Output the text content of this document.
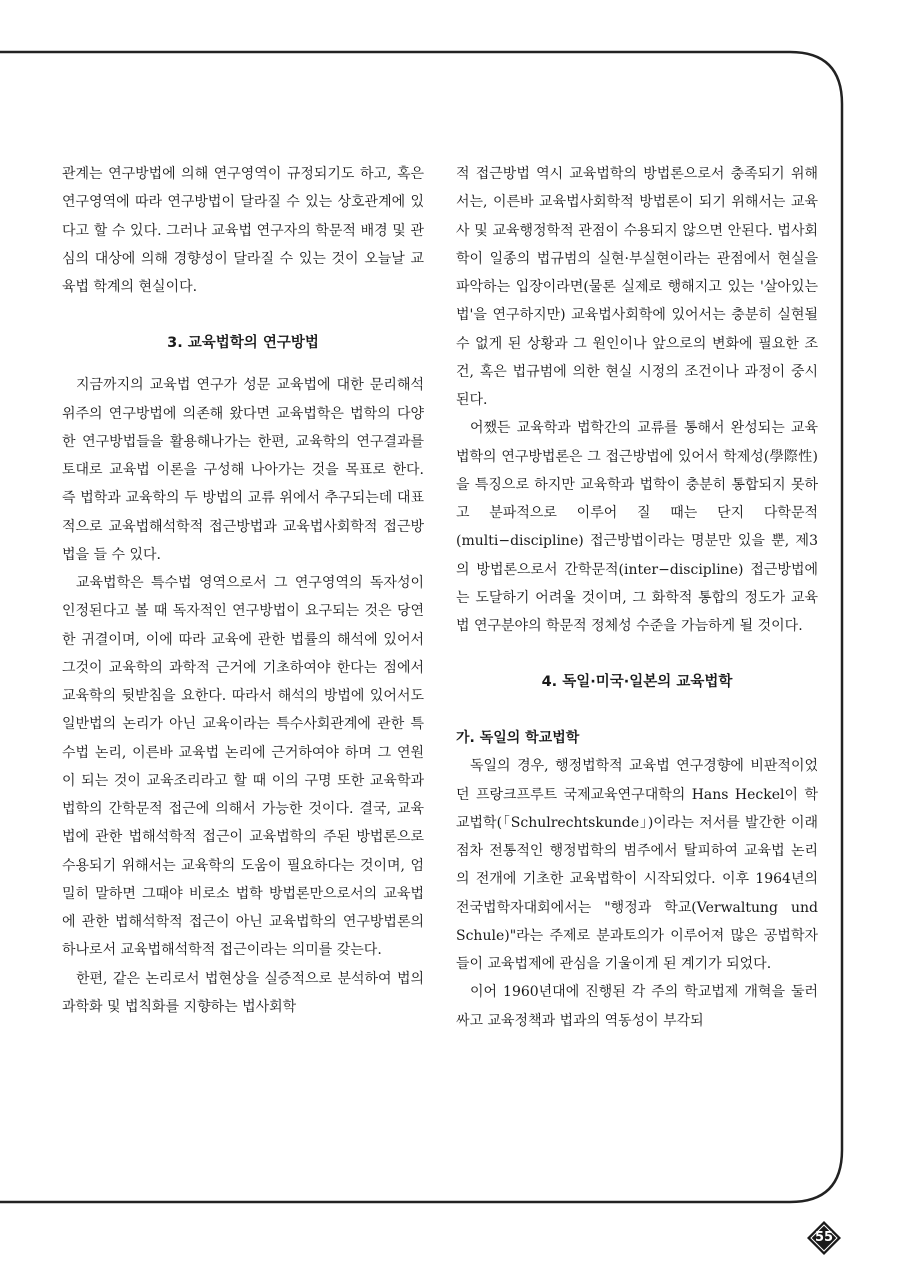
관계는 연구방법에 의해 연구영역이 규정되기도 하고, 혹은 연구영역에 따라 연구방법이 달라질 수 있는 상호관계에 있다고 할 수 있다. 그러나 교육법 연구자의 학문적 배경 및 관심의 대상에 의해 경향성이 달라질 수 있는 것이 오늘날 교육법 학계의 현실이다.

3. 교육법학의 연구방법

지금까지의 교육법 연구가 성문 교육법에 대한 문리해석 위주의 연구방법에 의존해 왔다면 교육법학은 법학의 다양한 연구방법들을 활용해나가는 한편, 교육학의 연구결과를 토대로 교육법 이론을 구성해 나아가는 것을 목표로 한다. 즉 법학과 교육학의 두 방법의 교류 위에서 추구되는데 대표적으로 교육법해석학적 접근방법과 교육법사회학적 접근방법을 들 수 있다.

교육법학은 특수법 영역으로서 그 연구영역의 독자성이 인정된다고 볼 때 독자적인 연구방법이 요구되는 것은 당연한 귀결이며, 이에 따라 교육에 관한 법률의 해석에 있어서 그것이 교육학의 과학적 근거에 기초하여야 한다는 점에서 교육학의 뒷받침을 요한다. 따라서 해석의 방법에 있어서도 일반법의 논리가 아닌 교육이라는 특수사회관계에 관한 특수법 논리, 이른바 교육법 논리에 근거하여야 하며 그 연원이 되는 것이 교육조리라고 할 때 이의 구명 또한 교육학과 법학의 간학문적 접근에 의해서 가능한 것이다. 결국, 교육법에 관한 법해석학적 접근이 교육법학의 주된 방법론으로 수용되기 위해서는 교육학의 도움이 필요하다는 것이며, 엄밀히 말하면 그때야 비로소 법학 방법론만으로서의 교육법에 관한 법해석학적 접근이 아닌 교육법학의 연구방법론의 하나로서 교육법해석학적 접근이라는 의미를 갖는다.

한편, 같은 논리로서 법현상을 실증적으로 분석하여 법의 과학화 및 법칙화를 지향하는 법사회학

적 접근방법 역시 교육법학의 방법론으로서 충족되기 위해서는, 이른바 교육법사회학적 방법론이 되기 위해서는 교육사 및 교육행정학적 관점이 수용되지 않으면 안된다. 법사회학이 일종의 법규범의 실현·부실현이라는 관점에서 현실을 파악하는 입장이라면(물론 실제로 행해지고 있는 '살아있는 법'을 연구하지만) 교육법사회학에 있어서는 충분히 실현될 수 없게 된 상황과 그 원인이나 앞으로의 변화에 필요한 조건, 혹은 법규범에 의한 현실 시정의 조건이나 과정이 중시된다.

어쨌든 교육학과 법학간의 교류를 통해서 완성되는 교육법학의 연구방법론은 그 접근방법에 있어서 학제성(學際性)을 특징으로 하지만 교육학과 법학이 충분히 통합되지 못하고 분파적으로 이루어 질 때는 단지 다학문적(multi−discipline) 접근방법이라는 명분만 있을 뿐, 제3의 방법론으로서 간학문적(inter−discipline) 접근방법에는 도달하기 어려울 것이며, 그 화학적 통합의 정도가 교육법 연구분야의 학문적 정체성 수준을 가늠하게 될 것이다.

4. 독일·미국·일본의 교육법학
가. 독일의 학교법학

독일의 경우, 행정법학적 교육법 연구경향에 비판적이었던 프랑크프루트 국제교육연구대학의 Hans Heckel이 학교법학(「Schulrechtskunde」)이라는 저서를 발간한 이래 점차 전통적인 행정법학의 범주에서 탈피하여 교육법 논리의 전개에 기초한 교육법학이 시작되었다. 이후 1964년의 전국법학자대회에서는 "행정과 학교(Verwaltung und Schule)"라는 주제로 분과토의가 이루어져 많은 공법학자들이 교육법제에 관심을 기울이게 된 계기가 되었다.

이어 1960년대에 진행된 각 주의 학교법제 개혁을 둘러싸고 교육정책과 법과의 역동성이 부각되

55
